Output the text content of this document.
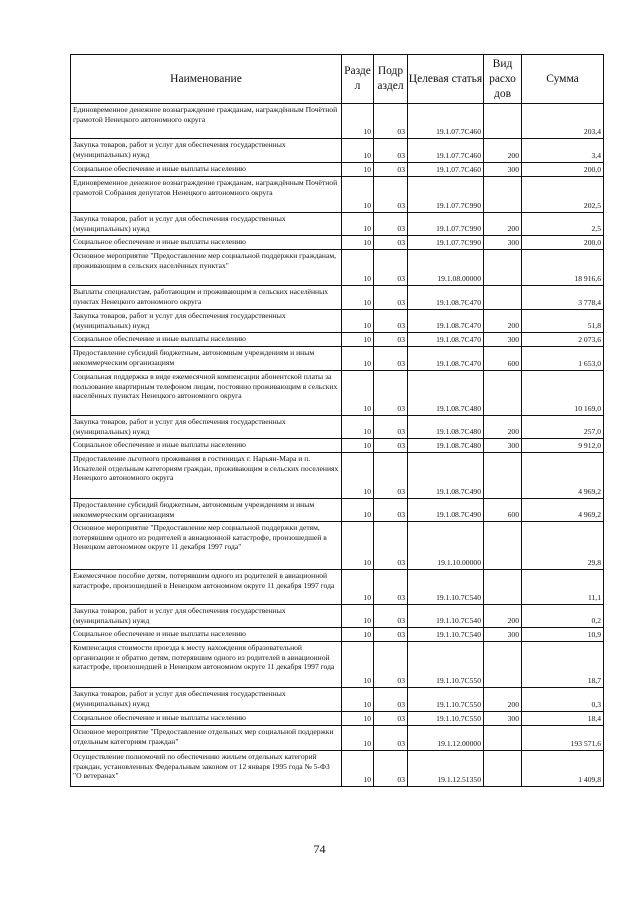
Наименование	Разде л	Подр аздел	Целевая статья	Вид расхо дов	Сумма
Единовременное денежное вознаграждение гражданам, награждённым Почётной грамотой Ненецкого автономного округа	10	03	19.1.07.7С460		203,4
Закупка товаров, работ и услуг для обеспечения государственных (муниципальных) нужд	10	03	19.1.07.7С460	200	3,4
Социальное обеспечение и иные выплаты населению	10	03	19.1.07.7С460	300	200,0
Единовременное денежное вознаграждение гражданам, награждённым Почётной грамотой Собрания депутатов Ненецкого автономного округа	10	03	19.1.07.7С990		202,5
Закупка товаров, работ и услуг для обеспечения государственных (муниципальных) нужд	10	03	19.1.07.7С990	200	2,5
Социальное обеспечение и иные выплаты населению	10	03	19.1.07.7С990	300	200,0
Основное мероприятие "Предоставление мер социальной поддержки гражданам, проживающим в сельских населённых пунктах"	10	03	19.1.08.00000		18 916,6
Выплаты специалистам, работающим и проживающим в сельских населённых пунктах Ненецкого автономного округа	10	03	19.1.08.7С470		3 778,4
Закупка товаров, работ и услуг для обеспечения государственных (муниципальных) нужд	10	03	19.1.08.7С470	200	51,8
Социальное обеспечение и иные выплаты населению	10	03	19.1.08.7С470	300	2 073,6
Предоставление субсидий бюджетным, автономным учреждениям и иным некоммерческим организациям	10	03	19.1.08.7С470	600	1 653,0
Социальная поддержка в виде ежемесячной компенсации абонентской платы за пользование квартирным телефоном лицам, постоянно проживающим в сельских населённых пунктах Ненецкого автономного округа	10	03	19.1.08.7С480		10 169,0
Закупка товаров, работ и услуг для обеспечения государственных (муниципальных) нужд	10	03	19.1.08.7С480	200	257,0
Социальное обеспечение и иные выплаты населению	10	03	19.1.08.7С480	300	9 912,0
Предоставление льготного проживания в гостиницах г. Нарьян-Мара и п. Искателей отдельным категориям граждан, проживающим в сельских поселениях Ненецкого автономного округа	10	03	19.1.08.7С490		4 969,2
Предоставление субсидий бюджетным, автономным учреждениям и иным некоммерческим организациям	10	03	19.1.08.7С490	600	4 969,2
Основное мероприятие "Предоставление мер социальной поддержки детям, потерявшим одного из родителей в авиационной катастрофе, произошедшей в Ненецком автономном округе 11 декабря 1997 года"	10	03	19.1.10.00000		29,8
Ежемесячное пособие детям, потерявшим одного из родителей в авиационной катастрофе, произошедшей в Ненецком автономном округе 11 декабря 1997 года	10	03	19.1.10.7С540		11,1
Закупка товаров, работ и услуг для обеспечения государственных (муниципальных) нужд	10	03	19.1.10.7С540	200	0,2
Социальное обеспечение и иные выплаты населению	10	03	19.1.10.7С540	300	10,9
Компенсация стоимости проезда к месту нахождения образовательной организации и обратно детям, потерявшим одного из родителей в авиационной катастрофе, произошедшей в Ненецком автономном округе 11 декабря 1997 года	10	03	19.1.10.7С550		18,7
Закупка товаров, работ и услуг для обеспечения государственных (муниципальных) нужд	10	03	19.1.10.7С550	200	0,3
Социальное обеспечение и иные выплаты населению	10	03	19.1.10.7С550	300	18,4
Основное мероприятие "Предоставление отдельных мер социальной поддержки отдельным категориям граждан"	10	03	19.1.12.00000		193 571,6
Осуществление полномочий по обеспечению жильем отдельных категорий граждан, установленных Федеральным законом от 12 января 1995 года № 5-ФЗ "О ветеранах"	10	03	19.1.12.51350		1 409,8
74
